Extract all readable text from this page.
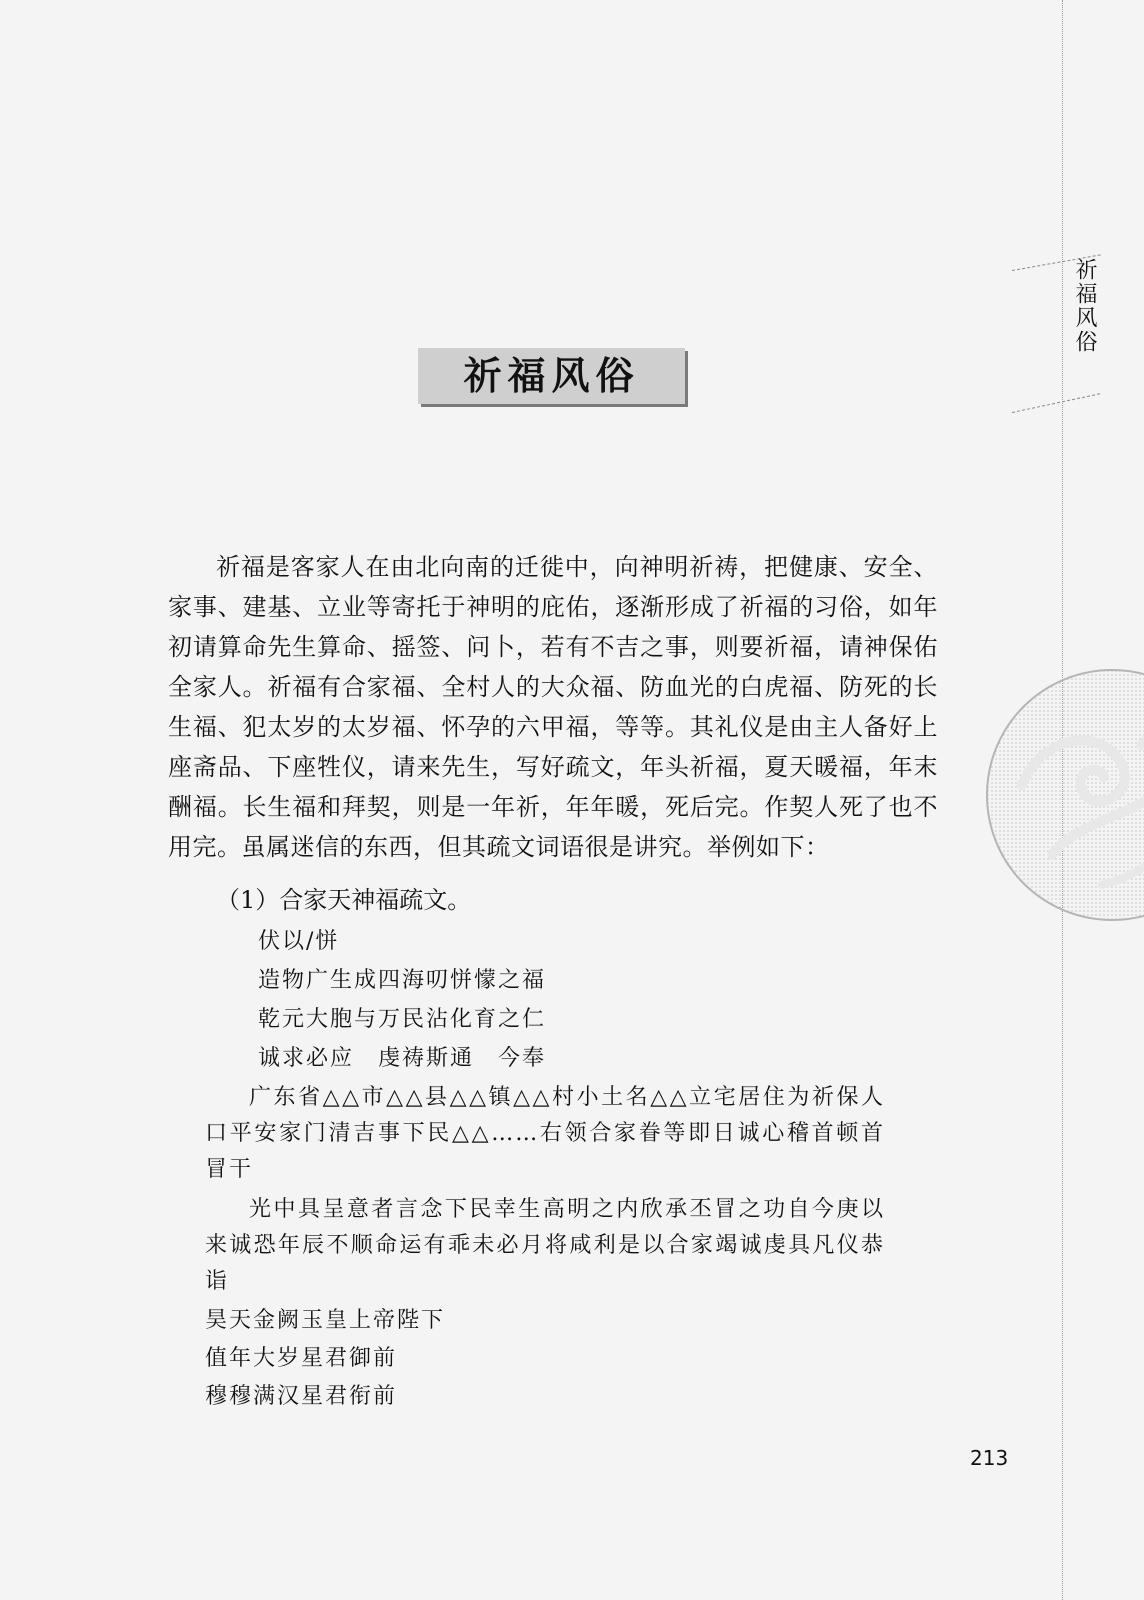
祈福风俗
祈福风俗

祈福是客家人在由北向南的迁徙中，向神明祈祷，把健康、安全、家事、建基、立业等寄托于神明的庇佑，逐渐形成了祈福的习俗，如年初请算命先生算命、摇签、问卜，若有不吉之事，则要祈福，请神保佑全家人。祈福有合家福、全村人的大众福、防血光的白虎福、防死的长生福、犯太岁的太岁福、怀孕的六甲福，等等。其礼仪是由主人备好上座斋品、下座牲仪，请来先生，写好疏文，年头祈福，夏天暖福，年末酬福。长生福和拜契，则是一年祈，年年暖，死后完。作契人死了也不用完。虽属迷信的东西，但其疏文词语很是讲究。举例如下：

（1）合家天神福疏文。

伏以/恲

造物广生成四海叨恲懞之福

乾元大胞与万民沾化育之仁

诚求必应　虔祷斯通　今奉

广东省△△市△△县△△镇△△村小土名△△立宅居住为祈保人口平安家门清吉事下民△△……右领合家眷等即日诚心稽首顿首冒干

光中具呈意者言念下民幸生高明之内欣承丕冒之功自今庚以来诚恐年辰不顺命运有乖未必月将咸利是以合家竭诚虔具凡仪恭诣

昊天金阙玉皇上帝陛下

值年大岁星君御前

穆穆满汉星君衔前

213
